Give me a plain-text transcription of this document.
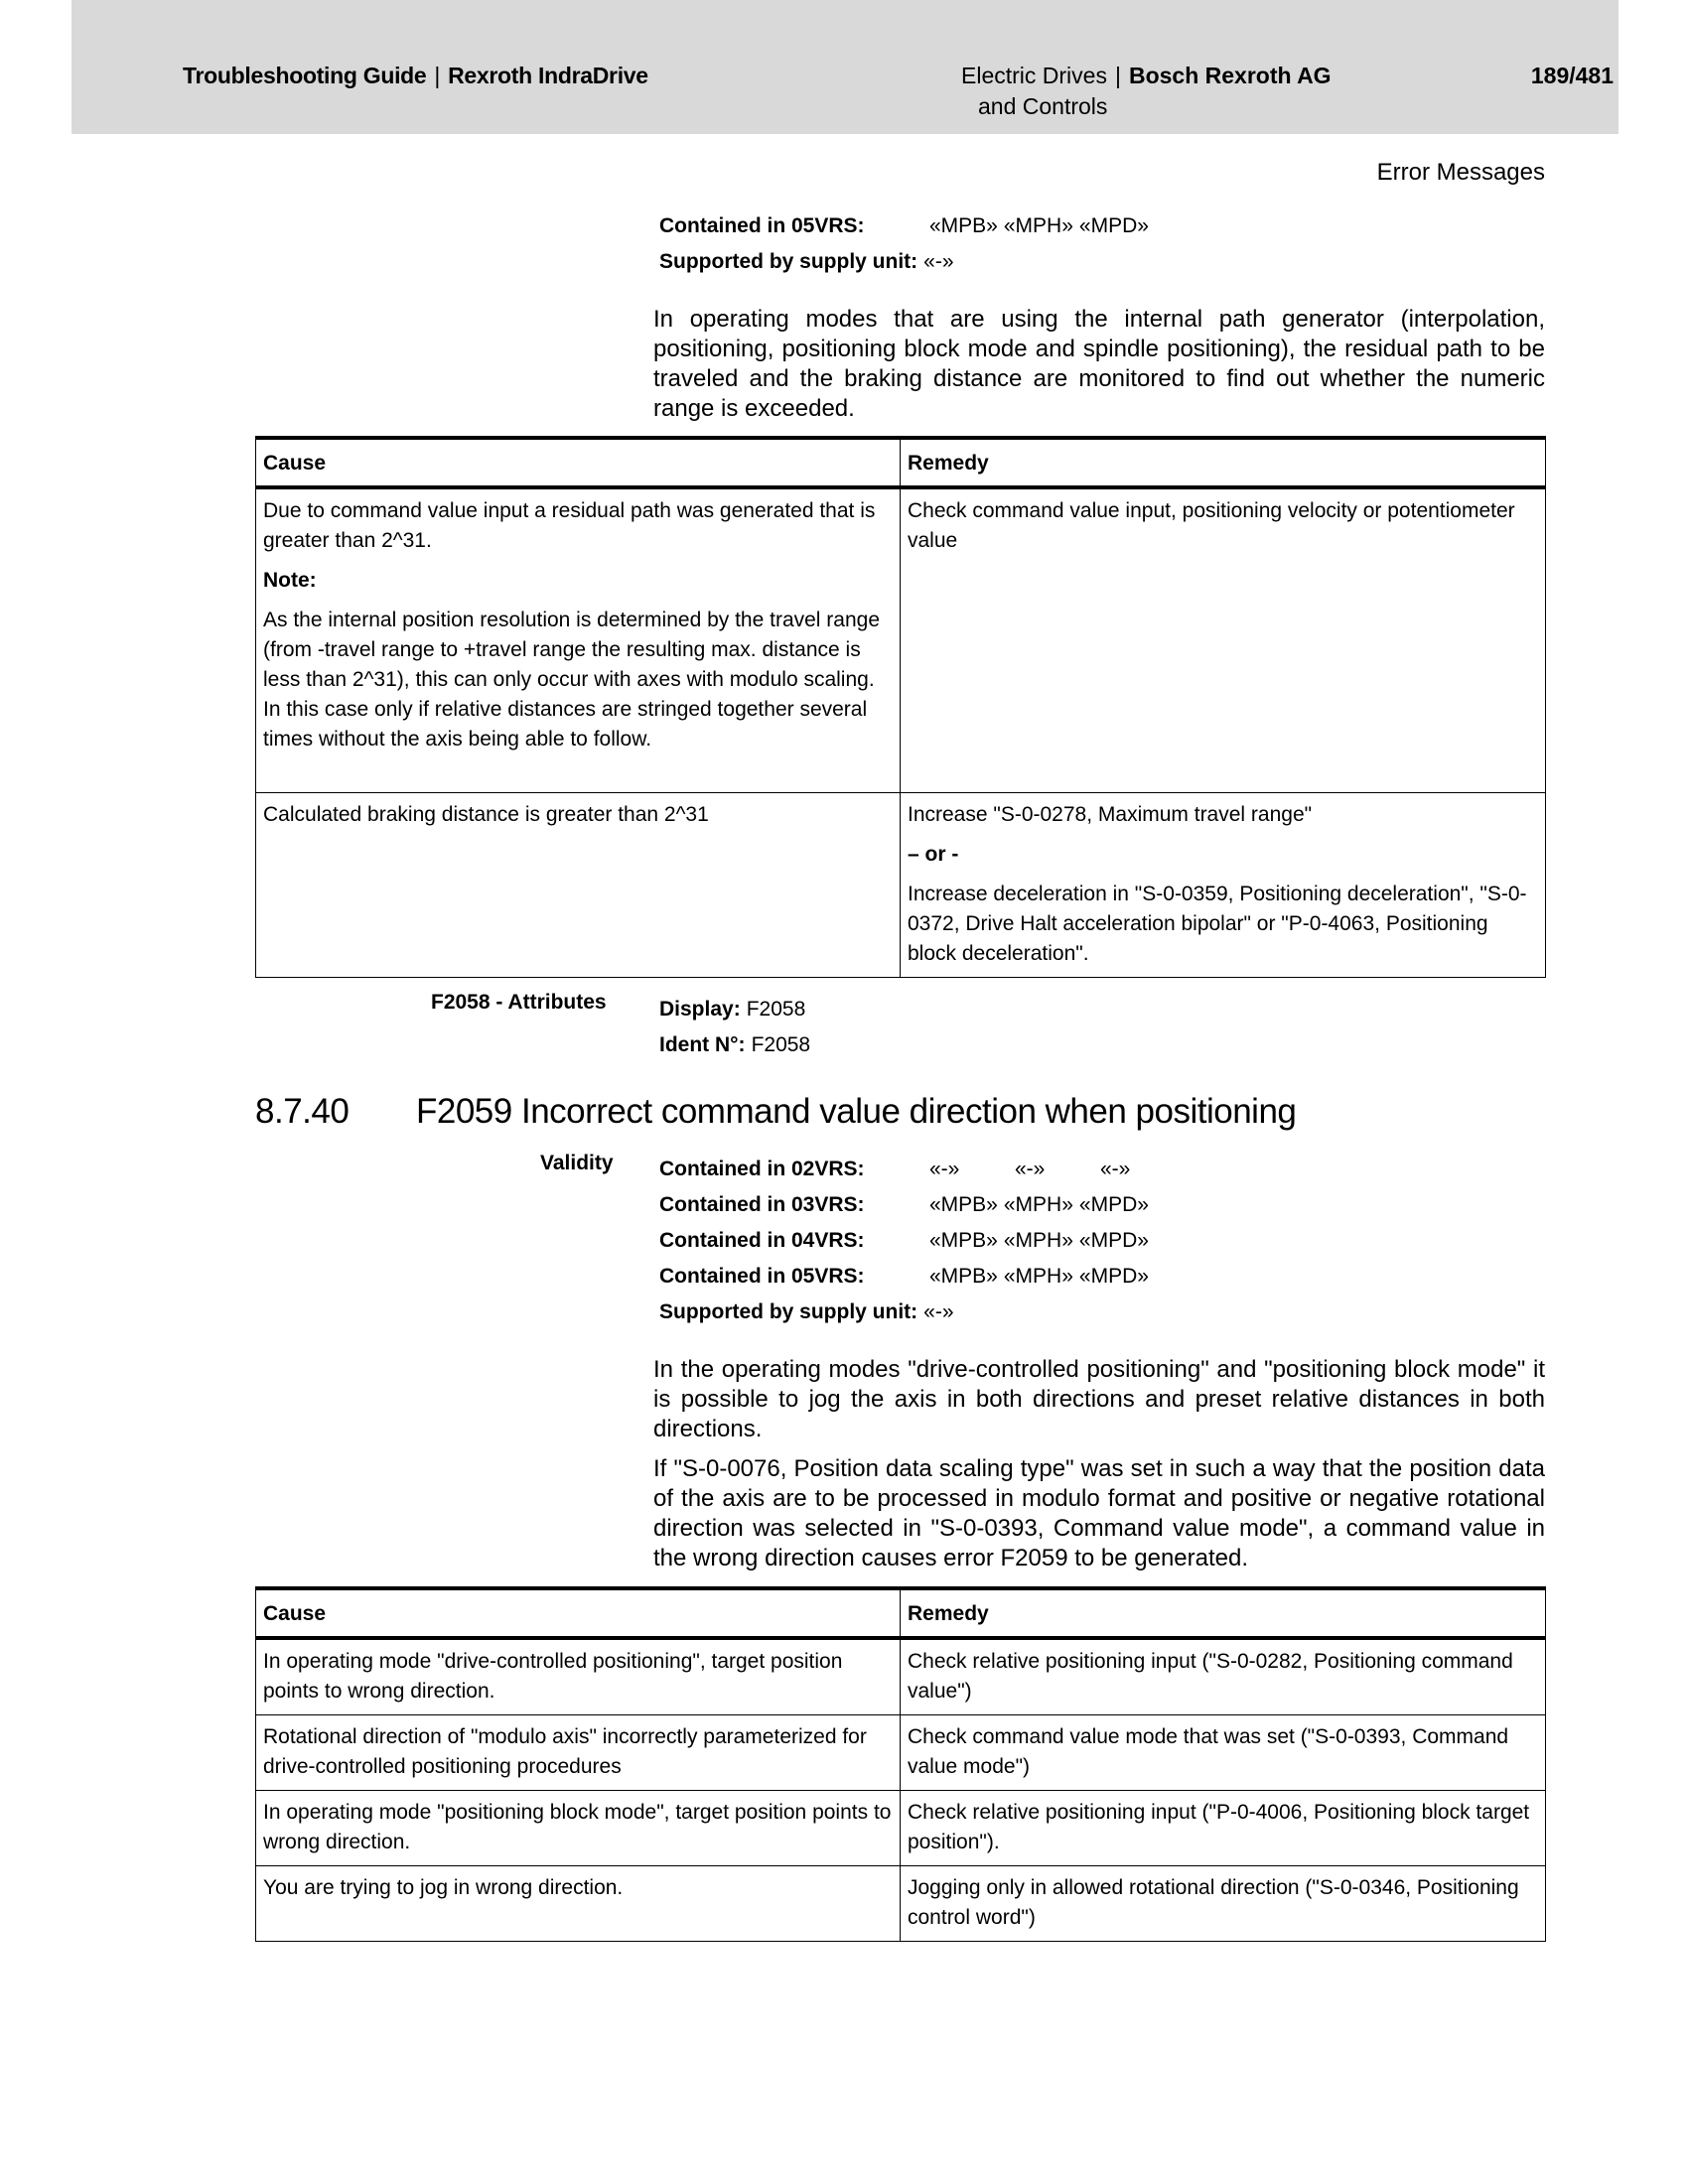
Troubleshooting Guide | Rexroth IndraDrive	Electric Drives | Bosch Rexroth AG	189/481
and Controls
Error Messages
Contained in 05VRS:	«MPB» «MPH» «MPD»
Supported by supply unit: «-»

In operating modes that are using the internal path generator (interpolation, positioning, positioning block mode and spindle positioning), the residual path to be traveled and the braking distance are monitored to find out whether the numeric range is exceeded.

Cause	Remedy

Due to command value input a residual path was generated that is greater than 2^31.
Note:
As the internal position resolution is determined by the travel range (from -travel range to +travel range the resulting max. distance is less than 2^31), this can only occur with axes with modulo scaling. In this case only if relative distances are stringed together several times without the axis being able to follow.	Check command value input, positioning velocity or potentiometer value

Calculated braking distance is greater than 2^31	Increase "S-0-0278, Maximum travel range"
– or -
Increase deceleration in "S-0-0359, Positioning deceleration", "S-0-0372, Drive Halt acceleration bipolar" or "P-0-4063, Positioning block deceleration".
F2058 - Attributes	Display: F2058
Ident N°: F2058
8.7.40 F2059 Incorrect command value direction when positioning
Validity Contained in 02VRS:	«-»	«-»	«-»
Contained in 03VRS:	«MPB» «MPH» «MPD»
Contained in 04VRS:	«MPB» «MPH» «MPD»
Contained in 05VRS:	«MPB» «MPH» «MPD»
Supported by supply unit: «-»

In the operating modes "drive-controlled positioning" and "positioning block mode" it is possible to jog the axis in both directions and preset relative distances in both directions.

If "S-0-0076, Position data scaling type" was set in such a way that the position data of the axis are to be processed in modulo format and positive or negative rotational direction was selected in "S-0-0393, Command value mode", a command value in the wrong direction causes error F2059 to be generated.

Cause	Remedy
In operating mode "drive-controlled positioning", target position points to wrong direction.	Check relative positioning input ("S-0-0282, Positioning command value")
Rotational direction of "modulo axis" incorrectly parameterized for drive-controlled positioning procedures	Check command value mode that was set ("S-0-0393, Command value mode")
In operating mode "positioning block mode", target position points to wrong direction.	Check relative positioning input ("P-0-4006, Positioning block target position").
You are trying to jog in wrong direction.	Jogging only in allowed rotational direction ("S-0-0346, Positioning control word")
